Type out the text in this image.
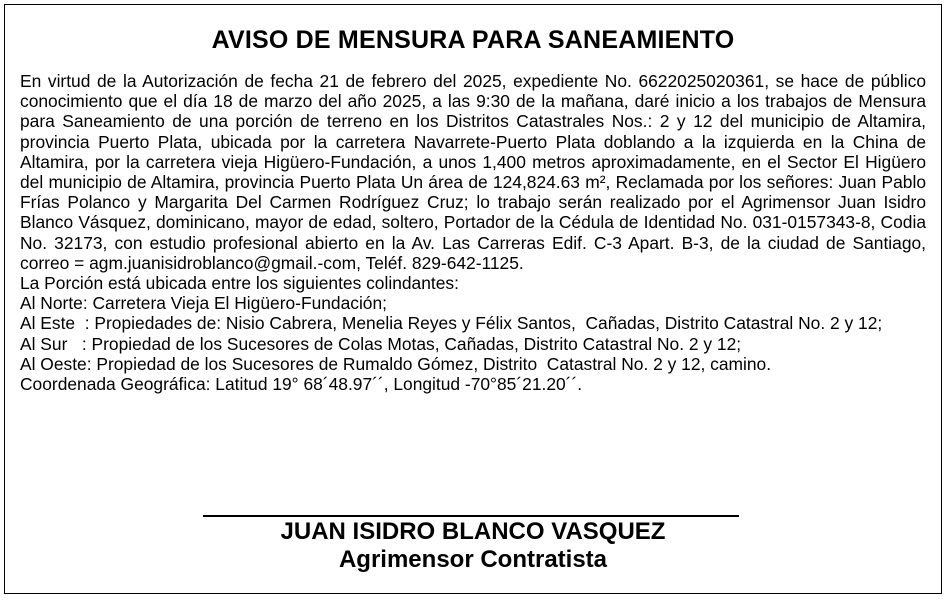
AVISO DE MENSURA PARA SANEAMIENTO

En virtud de la Autorización de fecha 21 de febrero del 2025, expediente No. 6622025020361, se hace de público conocimiento que el día 18 de marzo del año 2025, a las 9:30 de la mañana, daré inicio a los trabajos de Mensura para Saneamiento de una porción de terreno en los Distritos Catastrales Nos.: 2 y 12 del municipio de Altamira, provincia Puerto Plata, ubicada por la carretera Navarrete-Puerto Plata doblando a la izquierda en la China de Altamira, por la carretera vieja Higüero-Fundación, a unos 1,400 metros aproximadamente, en el Sector El Higüero del municipio de Altamira, provincia Puerto Plata Un área de 124,824.63 m², Reclamada por los señores: Juan Pablo Frías Polanco y Margarita Del Carmen Rodríguez Cruz; lo trabajo serán realizado por el Agrimensor Juan Isidro Blanco Vásquez, dominicano, mayor de edad, soltero, Portador de la Cédula de Identidad No. 031-0157343-8, Codia No. 32173, con estudio profesional abierto en la Av. Las Carreras Edif. C-3 Apart. B-3, de la ciudad de Santiago, correo = agm.juanisidroblanco@gmail.-com, Teléf. 829-642-1125.

La Porción está ubicada entre los siguientes colindantes:

Al Norte: Carretera Vieja El Higüero-Fundación;

Al Este  : Propiedades de: Nisio Cabrera, Menelia Reyes y Félix Santos,  Cañadas, Distrito Catastral No. 2 y 12;

Al Sur   : Propiedad de los Sucesores de Colas Motas, Cañadas, Distrito Catastral No. 2 y 12;

Al Oeste: Propiedad de los Sucesores de Rumaldo Gómez, Distrito  Catastral No. 2 y 12, camino.

Coordenada Geográfica: Latitud 19° 68´48.97´´, Longitud -70°85´21.20´´.

JUAN ISIDRO BLANCO VASQUEZ
Agrimensor Contratista
